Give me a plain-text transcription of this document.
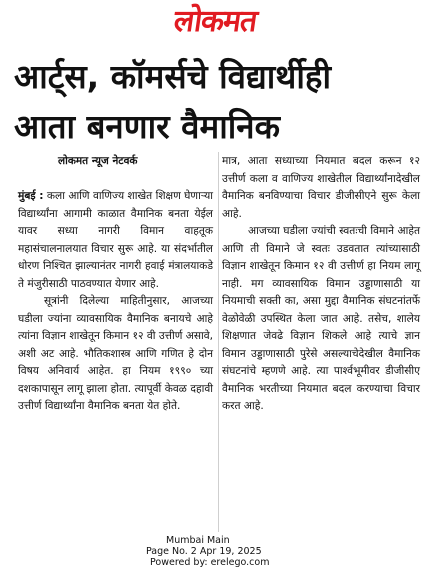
लोकमत
आर्ट्स, कॉमर्सचे विद्यार्थीही
आता बनणार वैमानिक
लोकमत न्यूज नेटवर्क

मुंबई : कला आणि वाणिज्य शाखेत शिक्षण घेणाऱ्या विद्यार्थ्यांना आगामी काळात वैमानिक बनता येईल यावर सध्या नागरी विमान वाहतूक महासंचालनालयात विचार सुरू आहे. या संदर्भातील धोरण निश्चित झाल्यानंतर नागरी हवाई मंत्रालयाकडे ते मंजुरीसाठी पाठवण्यात येणार आहे.

सूत्रांनी दिलेल्या माहितीनुसार, आजच्या घडीला ज्यांना व्यावसायिक वैमानिक बनायचे आहे त्यांना विज्ञान शाखेतून किमान १२ वी उत्तीर्ण असावे, अशी अट आहे. भौतिकशास्त्र आणि गणित हे दोन विषय अनिवार्य आहेत. हा नियम १९९० च्या दशकापासून लागू झाला होता. त्यापूर्वी केवळ दहावी उत्तीर्ण विद्यार्थ्यांना वैमानिक बनता येत होते.

मात्र, आता सध्याच्या नियमात बदल करून १२ उत्तीर्ण कला व वाणिज्य शाखेतील विद्यार्थ्यांनादेखील वैमानिक बनविण्याचा विचार डीजीसीएने सुरू केला आहे.

आजच्या घडीला ज्यांची स्वतःची विमाने आहेत आणि ती विमाने जे स्वतः उडवतात त्यांच्यासाठी विज्ञान शाखेतून किमान १२ वी उत्तीर्ण हा नियम लागू नाही. मग व्यावसायिक विमान उड्डाणासाठी या नियमाची सक्ती का, असा मुद्दा वैमानिक संघटनांतर्फे वेळोवेळी उपस्थित केला जात आहे. तसेच, शालेय शिक्षणात जेवढे विज्ञान शिकले आहे त्याचे ज्ञान विमान उड्डाणासाठी पुरेसे असल्याचेदेखील वैमानिक संघटनांचे म्हणणे आहे. त्या पार्श्वभूमीवर डीजीसीए वैमानिक भरतीच्या नियमात बदल करण्याचा विचार करत आहे.

Mumbai Main
Page No. 2 Apr 19, 2025
Powered by: erelego.com
